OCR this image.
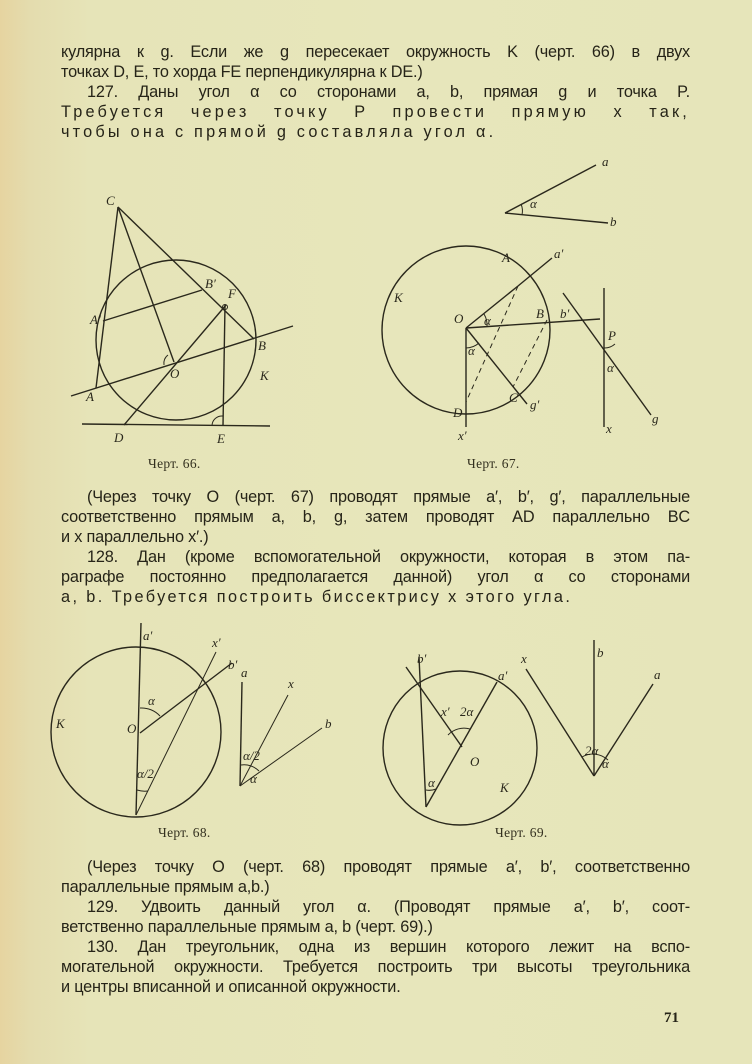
кулярна к g. Если же g пересекает окружность K (черт. 66) в двух
точках D, E, то хорда FE перпендикулярна к DE.)
127. Даны угол α со сторонами a, b, прямая g и точка P.
Требуется через точку P провести прямую x так,
чтобы она с прямой g составляла угол α.
C
B′
F
A′
B
O	K
A
D	E
α
a
b
A	a′
K
O α	B b′
α
D
C g′
x′
P
α
g
x
Черт. 66.	Черт. 67.
(Через точку O (черт. 67) проводят прямые a′, b′, g′, параллельные
соответственно прямым a, b, g, затем проводят AD параллельно BC
и x параллельно x′.)
128. Дан (кроме вспомогательной окружности, которая в этом па-
раграфе постоянно предполагается данной) угол α со сторонами
a, b. Требуется построить биссектрису x этого угла.
a′	x′
b′
α
K	O
α/2
a
x
b
α/2
α
b′
a′
x′ 2α
O
α	K
x	b
a
2α
α
Черт. 68.	Черт. 69.
(Через точку O (черт. 68) проводят прямые a′, b′, соответственно
параллельные прямым a,b.)
129. Удвоить данный угол α. (Проводят прямые a′, b′, соот-
ветственно параллельные прямым a, b (черт. 69).)
130. Дан треугольник, одна из вершин которого лежит на вспо-
могательной окружности. Требуется построить три высоты треугольника
и центры вписанной и описанной окружности.
71
